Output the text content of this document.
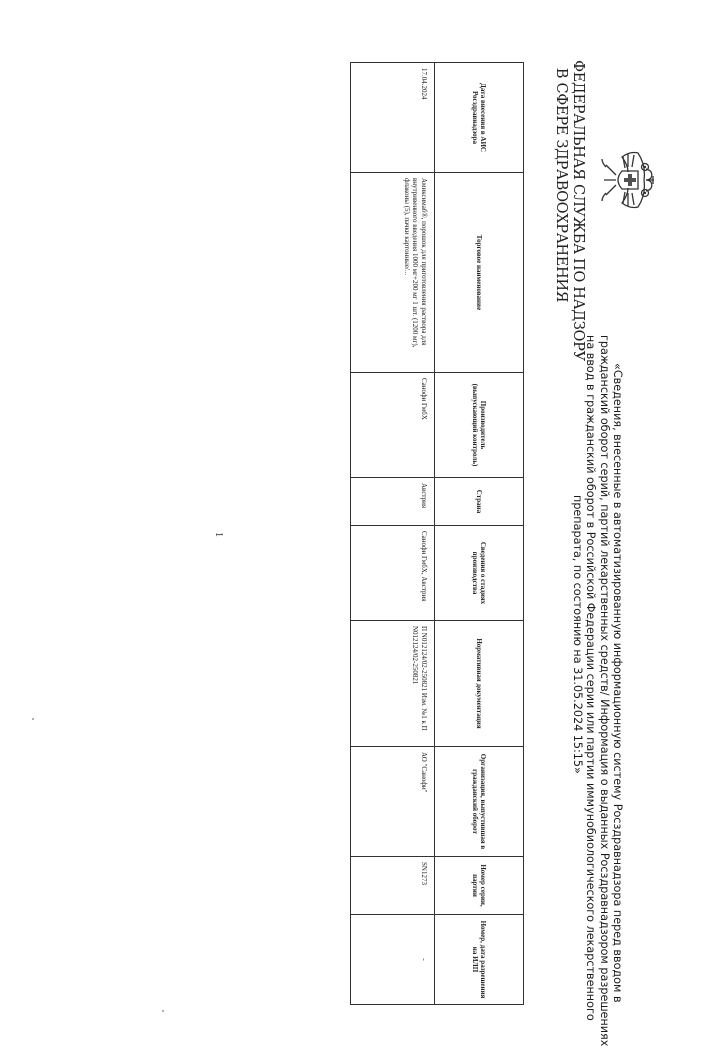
ФЕДЕРАЛЬНАЯ СЛУЖБА ПО НАДЗОРУ
В СФЕРЕ ЗДРАВООХРАНЕНИЯ
«Сведения, внесенные в автоматизированную информационную систему Росздравнадзора перед вводом в
гражданский оборот серий, партий лекарственных средств/ Информация о выданных Росздравнадзором разрешениях
на ввод в гражданский оборот в Российской Федерации серии или партии иммунобиологического лекарственного
препарата, по состоянию на 31.05.2024 15:15»
Дата внесения в АИС Росздравнадзора	Торговое наименование	Производитель (выпускающий контроль)	Страна	Сведения о стадиях производства	Нормативная документация	Организация, выпустившая в гражданский оборот	Номер серии, партии	Номер, дата разрешения на ИЛП
17.04.2024	Амиксимаб®, порошок для приготовления раствора для внутривенного введения 1000 мг+200 мг 1 шт. (1200 мг), флаконы (5), пачки картонные/...	Санофи ГмбХ	Австрия	Санофи ГмбХ, Австрия	П N012124/02-250821 Изм. №1 к П N012124/02-250821	АО "Санофи"	SN1273	-
1
